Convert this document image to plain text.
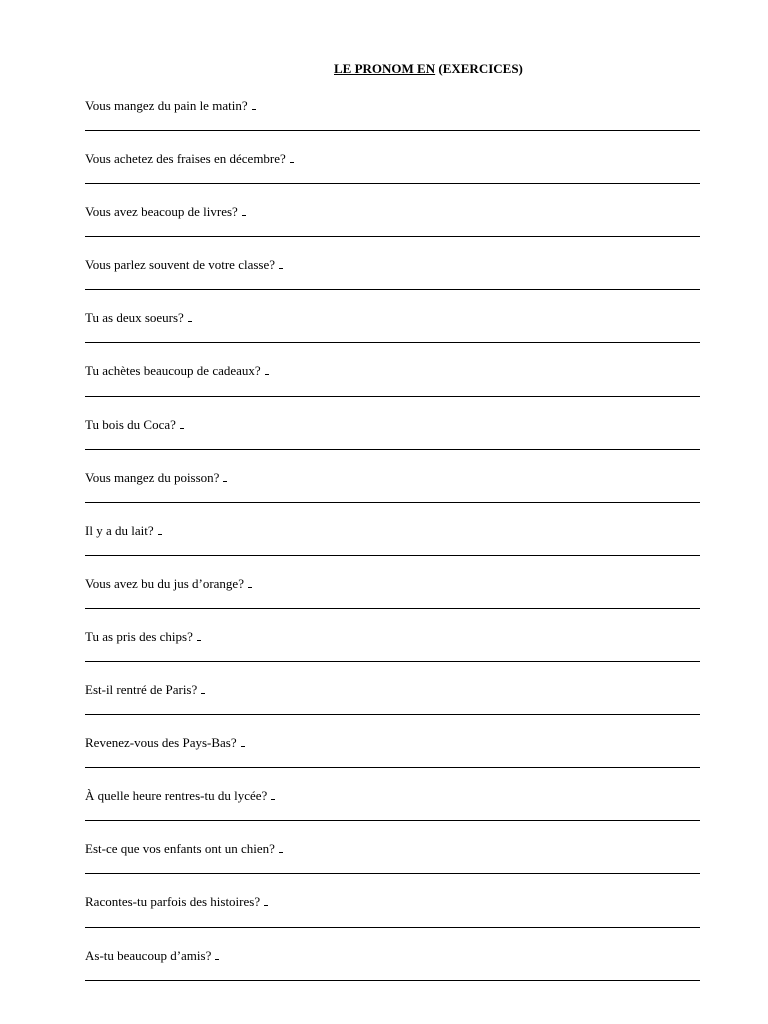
LE PRONOM EN (EXERCICES)
Vous mangez du pain le matin?
Vous achetez des fraises en décembre?
Vous avez beacoup de livres?
Vous parlez souvent de votre classe?
Tu as deux soeurs?
Tu achètes beaucoup de cadeaux?
Tu bois du Coca?
Vous mangez du poisson?
Il y a du lait?
Vous avez bu du jus d’orange?
Tu as pris des chips?
Est-il rentré de Paris?
Revenez-vous des Pays-Bas?
À quelle heure rentres-tu du lycée?
Est-ce que vos enfants ont un chien?
Racontes-tu parfois des histoires?
As-tu beaucoup d’amis?
